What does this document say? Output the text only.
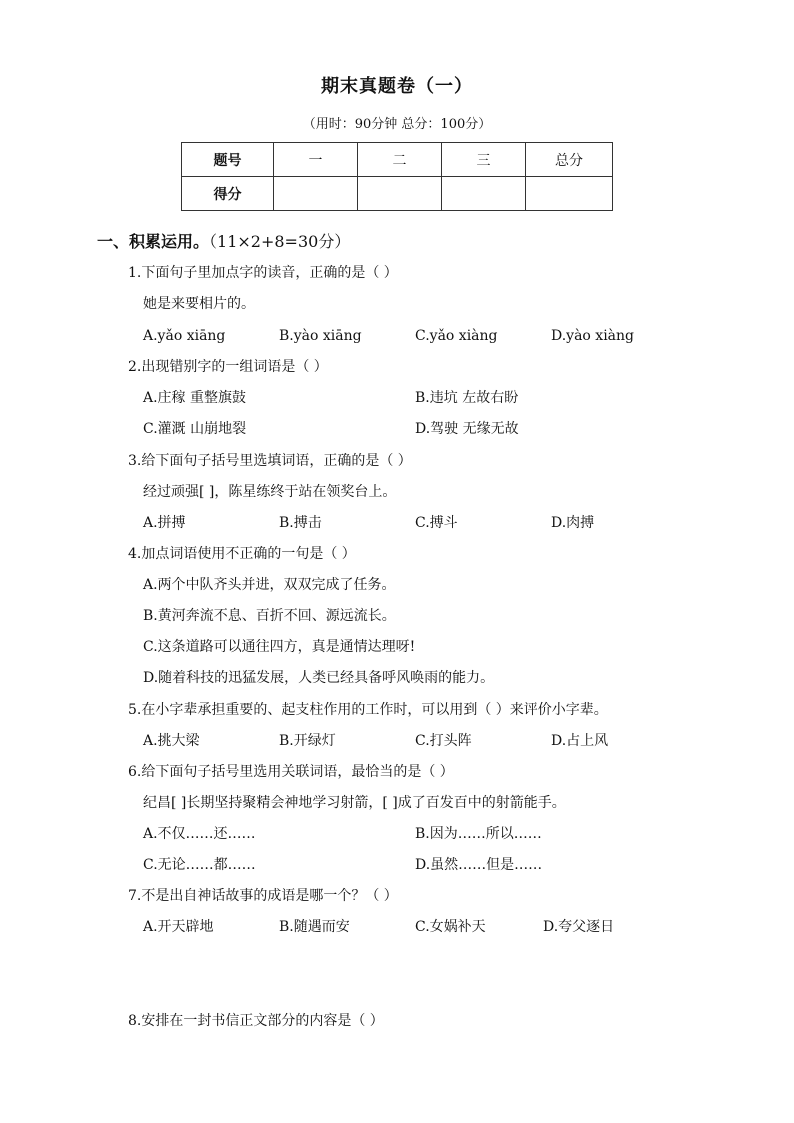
期末真题卷（一）
（用时：90分钟 总分：100分）
题号	一	二	三	总分
得分				
一、积累运用。（11×2+8=30分）
1.下面句子里加点字的读音，正确的是（ ）
她是来要相片的。
A.yǎo xiāng	B.yào xiāng	C.yǎo xiàng	D.yào xiàng
2.出现错别字的一组词语是（ ）
A.庄稼 重整旗鼓	B.违坑 左故右盼
C.灌溉 山崩地裂	D.驾驶 无缘无故
3.给下面句子括号里选填词语，正确的是（ ）
经过顽强[ ]，陈星练终于站在领奖台上。
A.拼搏	B.搏击	C.搏斗	D.肉搏
4.加点词语使用不正确的一句是（ ）
A.两个中队齐头并进，双双完成了任务。
B.黄河奔流不息、百折不回、源远流长。
C.这条道路可以通往四方，真是通情达理呀!
D.随着科技的迅猛发展，人类已经具备呼风唤雨的能力。
5.在小字辈承担重要的、起支柱作用的工作时，可以用到（ ）来评价小字辈。
A.挑大梁	B.开绿灯	C.打头阵	D.占上风
6.给下面句子括号里选用关联词语，最恰当的是（ ）
纪昌[ ]长期坚持聚精会神地学习射箭，[ ]成了百发百中的射箭能手。
A.不仅……还……	B.因为……所以……
C.无论……都……	D.虽然……但是……
7.不是出自神话故事的成语是哪一个？（ ）
A.开天辟地	B.随遇而安	C.女娲补天	D.夸父逐日
8.安排在一封书信正文部分的内容是（ ）
